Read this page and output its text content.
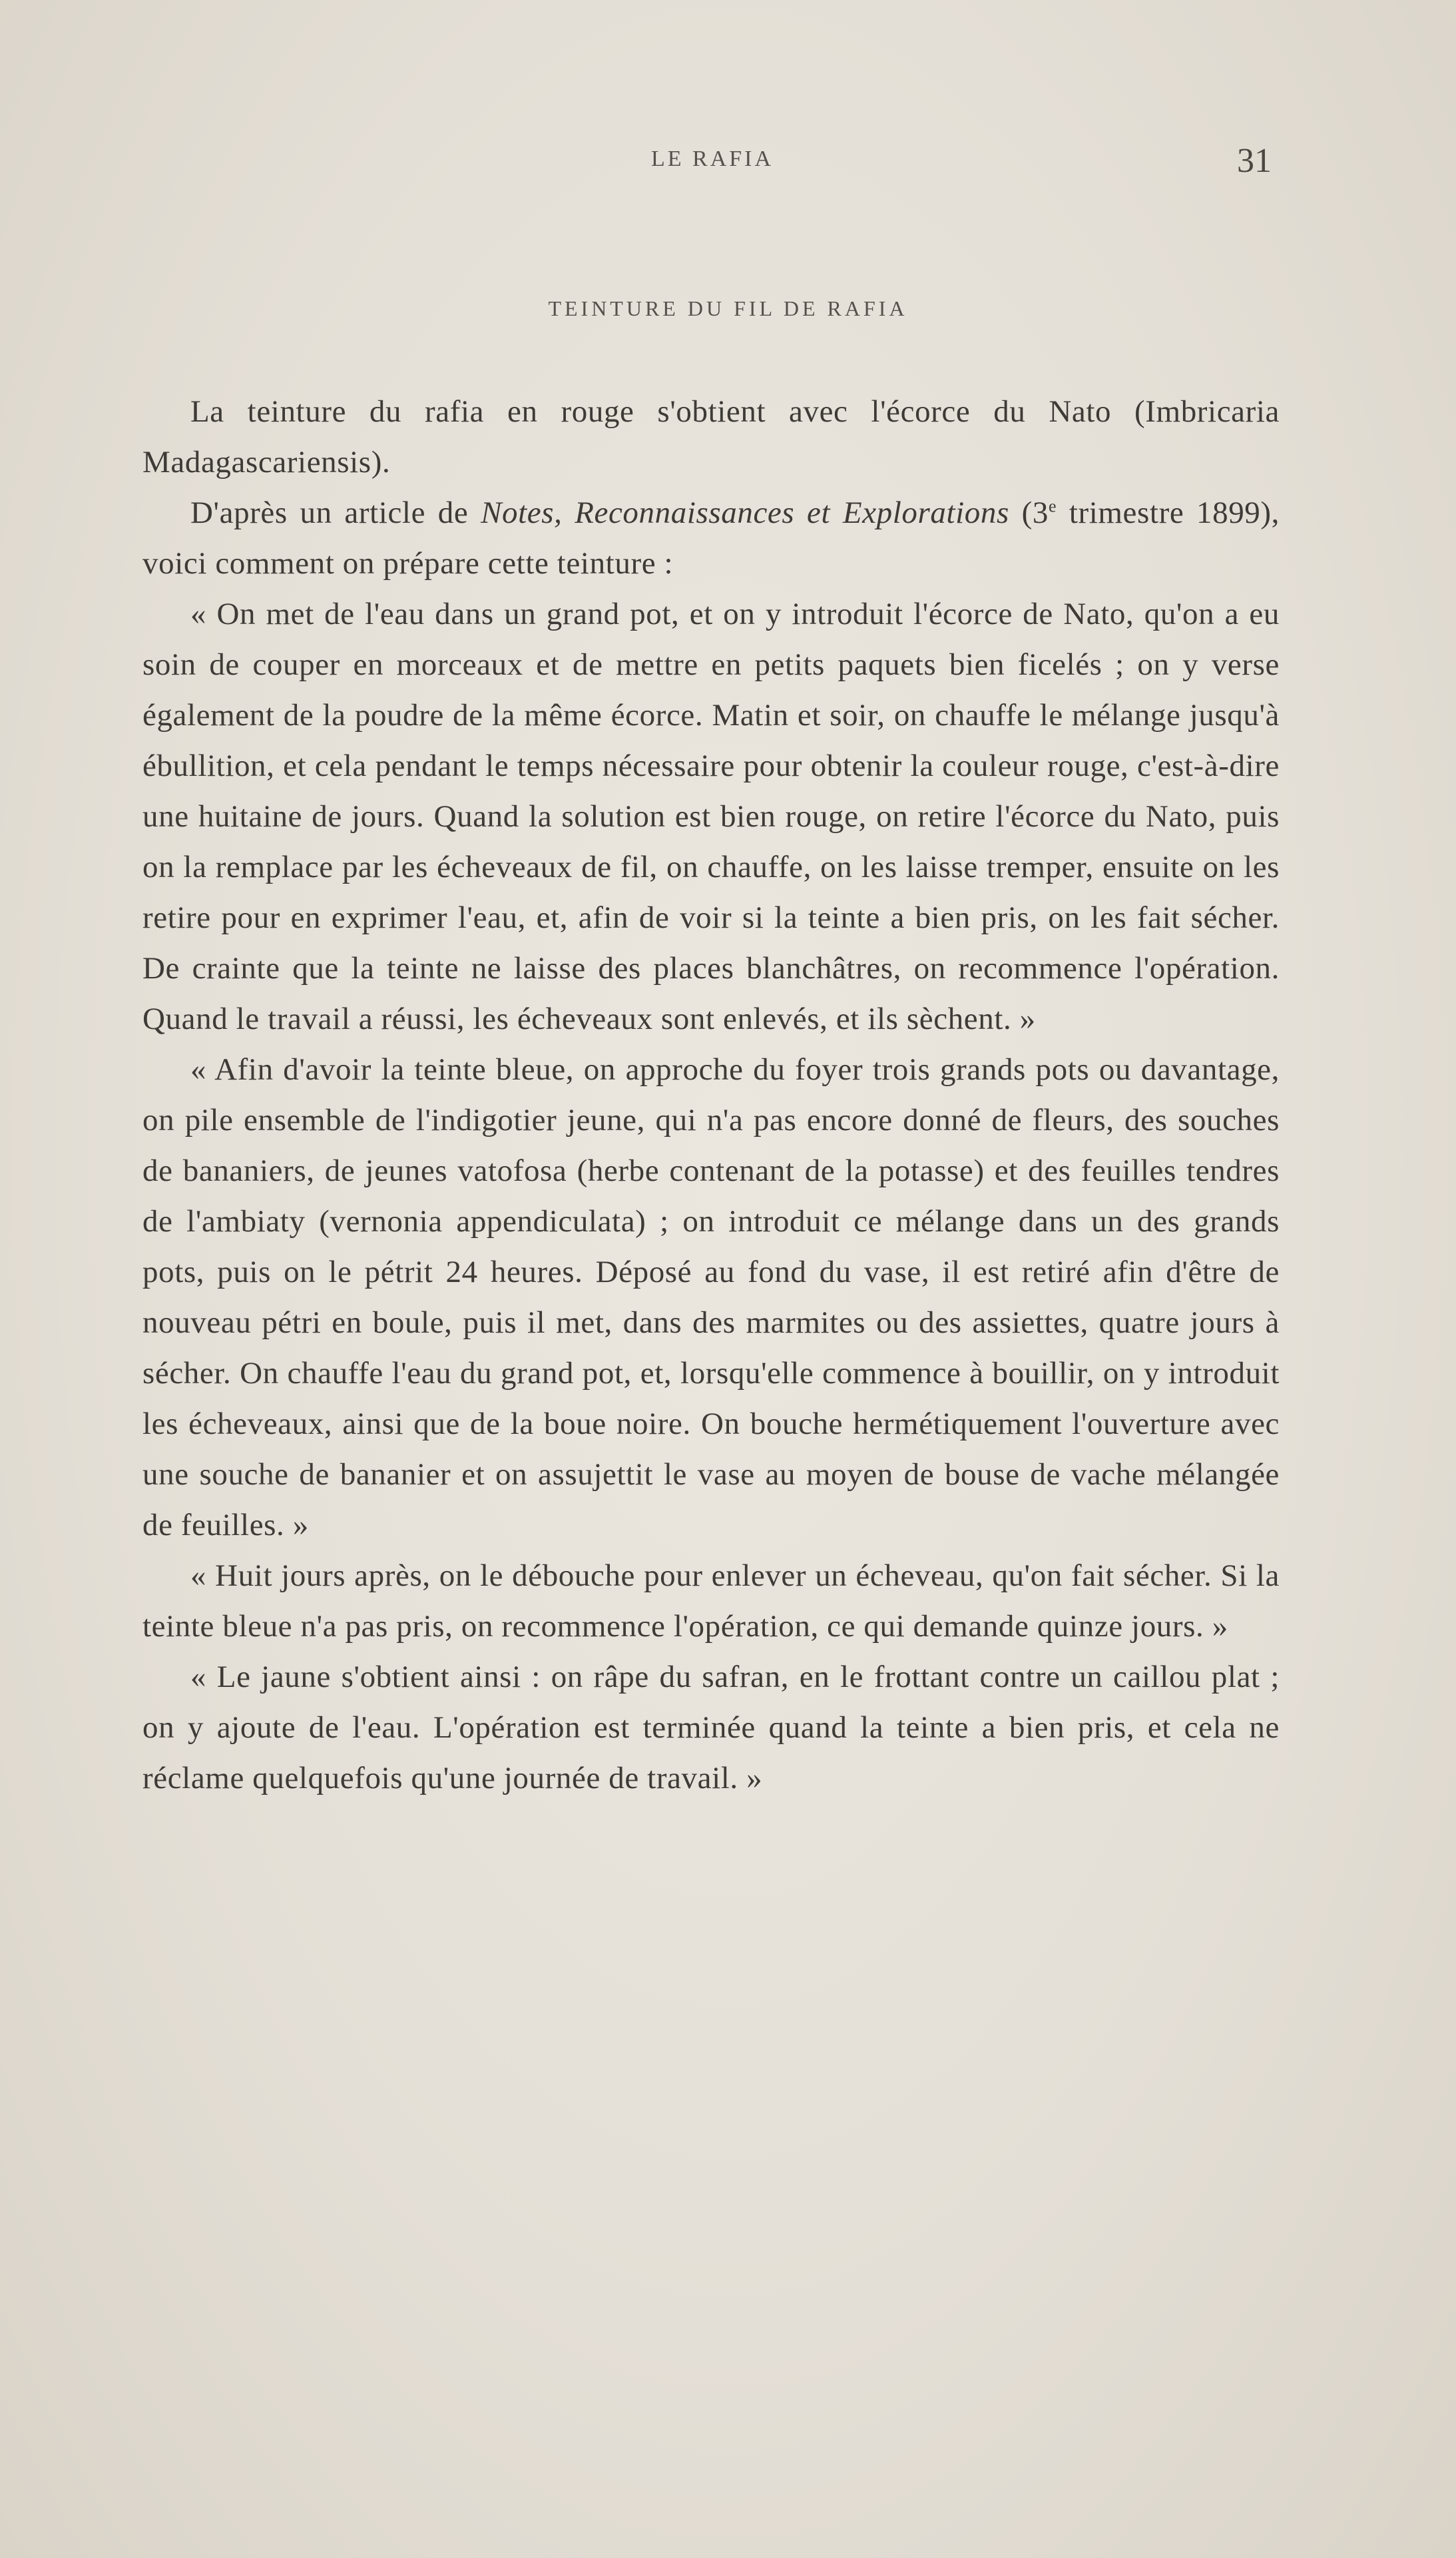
LE RAFIA	31
TEINTURE DU FIL DE RAFIA

La teinture du rafia en rouge s'obtient avec l'écorce du Nato (Imbricaria Madagascariensis).

D'après un article de Notes, Reconnaissances et Explorations (3e trimestre 1899), voici comment on prépare cette teinture :

« On met de l'eau dans un grand pot, et on y introduit l'écorce de Nato, qu'on a eu soin de couper en morceaux et de mettre en petits paquets bien ficelés ; on y verse également de la poudre de la même écorce. Matin et soir, on chauffe le mélange jusqu'à ébullition, et cela pendant le temps nécessaire pour obtenir la couleur rouge, c'est-à-dire une huitaine de jours. Quand la solution est bien rouge, on retire l'écorce du Nato, puis on la remplace par les écheveaux de fil, on chauffe, on les laisse tremper, ensuite on les retire pour en exprimer l'eau, et, afin de voir si la teinte a bien pris, on les fait sécher. De crainte que la teinte ne laisse des places blanchâtres, on recommence l'opération. Quand le travail a réussi, les écheveaux sont enlevés, et ils sèchent. »

« Afin d'avoir la teinte bleue, on approche du foyer trois grands pots ou davantage, on pile ensemble de l'indigotier jeune, qui n'a pas encore donné de fleurs, des souches de bananiers, de jeunes vatofosa (herbe contenant de la potasse) et des feuilles tendres de l'ambiaty (vernonia appendiculata) ; on introduit ce mélange dans un des grands pots, puis on le pétrit 24 heures. Déposé au fond du vase, il est retiré afin d'être de nouveau pétri en boule, puis il met, dans des marmites ou des assiettes, quatre jours à sécher. On chauffe l'eau du grand pot, et, lorsqu'elle commence à bouillir, on y introduit les écheveaux, ainsi que de la boue noire. On bouche hermétiquement l'ouverture avec une souche de bananier et on assujettit le vase au moyen de bouse de vache mélangée de feuilles. »

« Huit jours après, on le débouche pour enlever un écheveau, qu'on fait sécher. Si la teinte bleue n'a pas pris, on recommence l'opération, ce qui demande quinze jours. »

« Le jaune s'obtient ainsi : on râpe du safran, en le frottant contre un caillou plat ; on y ajoute de l'eau. L'opération est terminée quand la teinte a bien pris, et cela ne réclame quelquefois qu'une journée de travail. »
